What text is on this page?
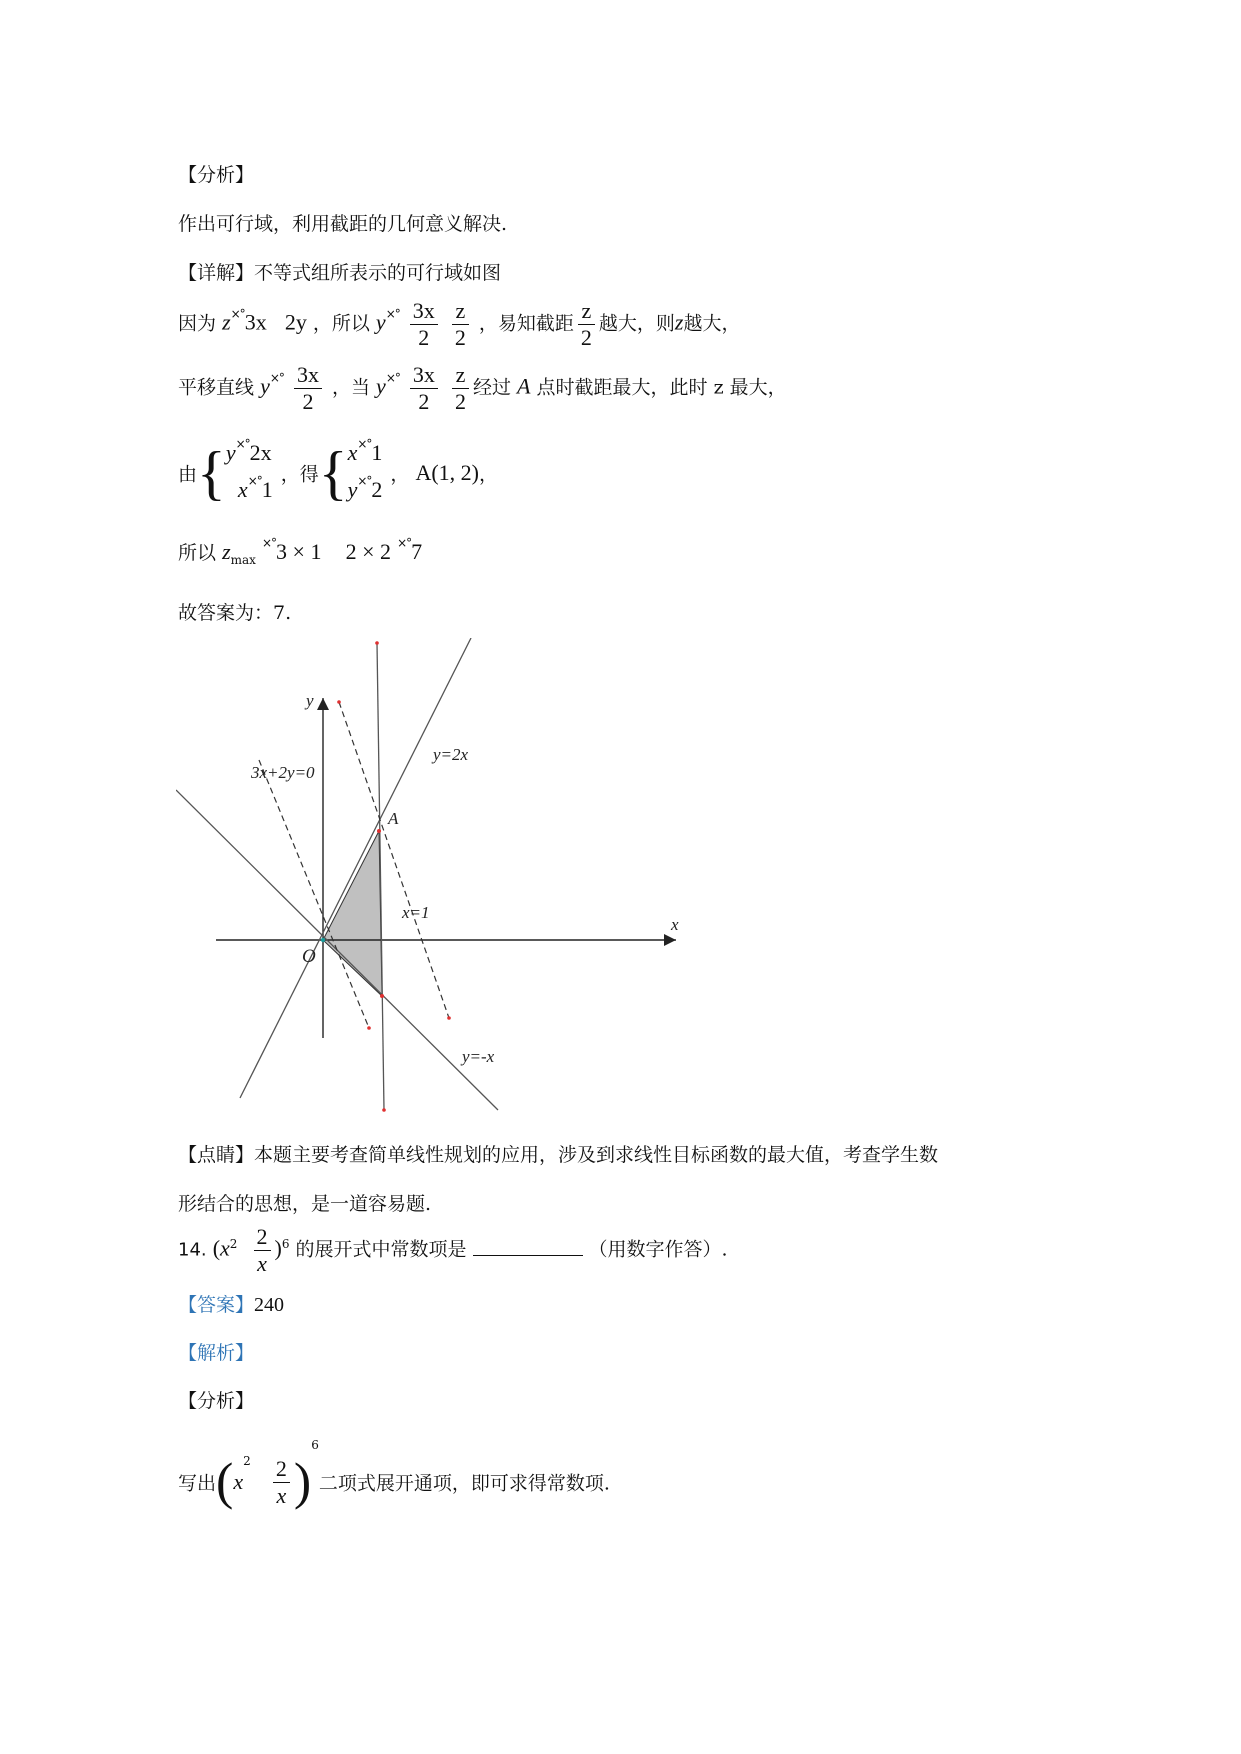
【分析】
作出可行域，利用截距的几何意义解决.
【详解】不等式组所表示的可行域如图
因为 z×°3x 2y ，所以 $y^{\times^\circ} \frac{3x}{2}$
$\frac{z}{2}$ ，易知截距 $\frac{z}{2}$ 越大，则z越大，
平移直线 $y^{\times^\circ} \frac{3x}{2}$ ，当 $y^{\times^\circ} \frac{3x}{2}$
$\frac{z}{2}$ 经过 A 点时截距最大，此时 z 最大，
由{ y×°2x
x×°1
，得{ x×°1
y×°2
， A(1, 2)，
所以 $z_{max}$ ×°3 × 1 2 × 2 ×°7
故答案为：7.
y
x
O
y=2x
x=1
y=-x
3x+2y=0
A
【点睛】本题主要考查简单线性规划的应用，涉及到求线性目标函数的最大值，考查学生数
形结合的思想，是一道容易题.
14. $(x^2 \frac{2}{x} )^6$ 的展开式中常数项是	（用数字作答）.
【答案】240
【解析】
【分析】
写出$(x^2 \frac{2}{x} )^6$二项式展开通项，即可求得常数项.
